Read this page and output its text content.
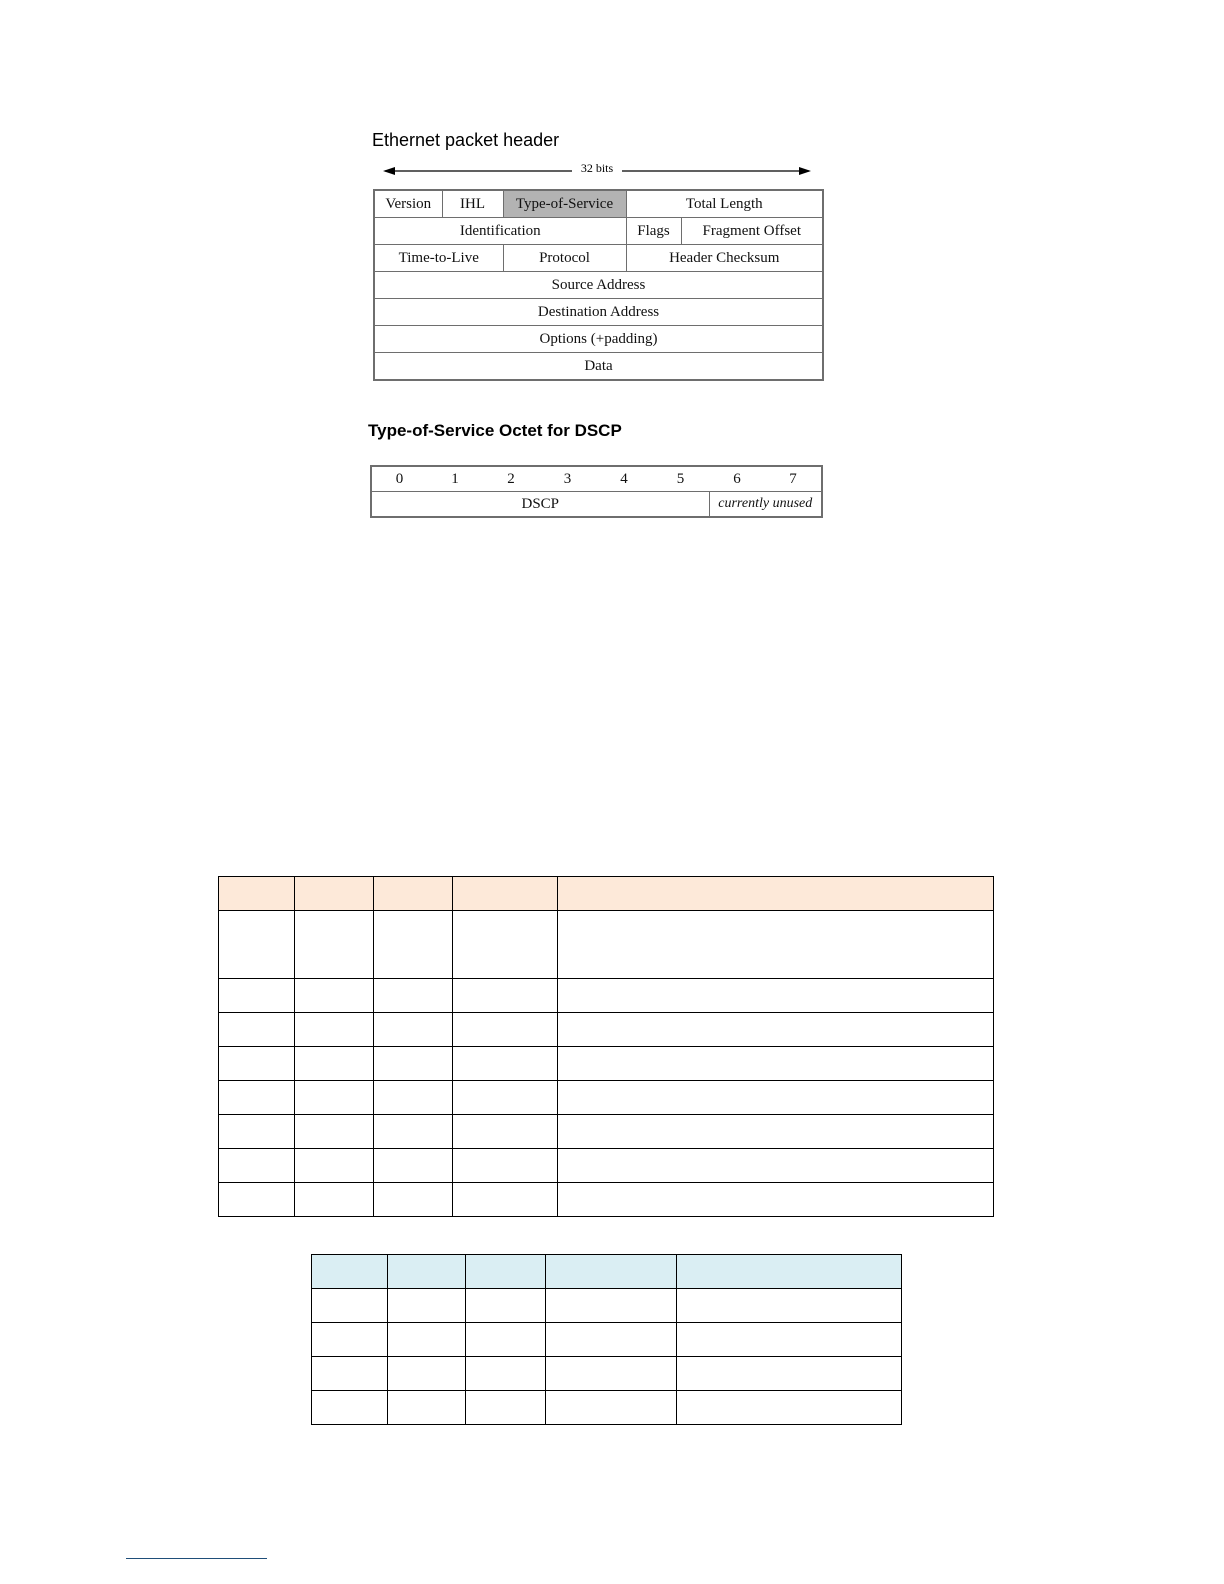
Ethernet packet header
32 bits
Version	IHL	Type-of-Service	Total Length	
Identification			Flags	Fragment Offset
Time-to-Live		Protocol	Header Checksum	
Source Address				
Destination Address				
Options (+padding)				
Data				
Type-of-Service Octet for DSCP
0	1	2	3	4	5	6	7
DSCP						currently unused	
